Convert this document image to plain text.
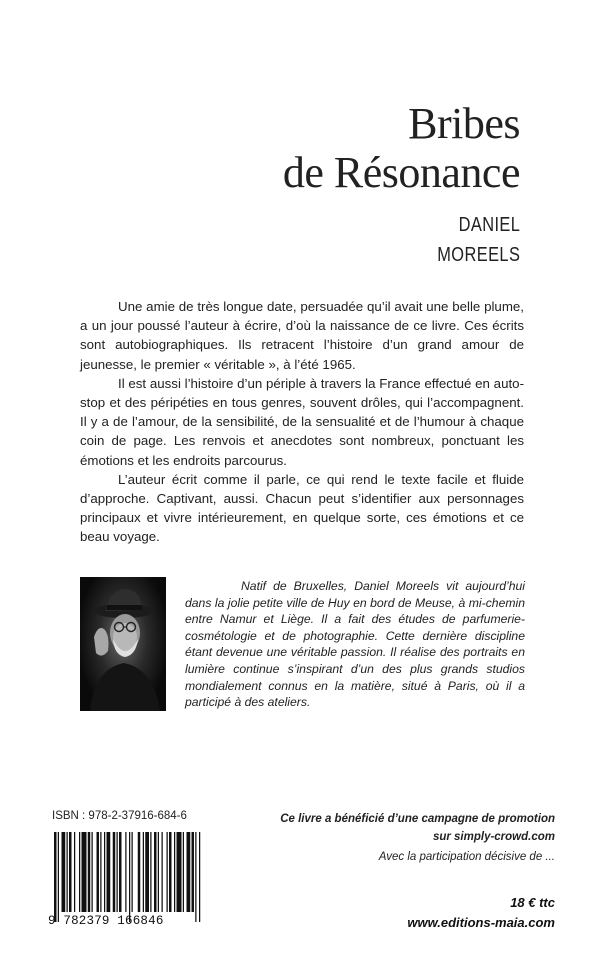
Bribes
de Résonance
DANIEL
MOREELS

Une amie de très longue date, persuadée qu’il avait une belle plume, a un jour poussé l’auteur à écrire, d’où la naissance de ce livre. Ces écrits sont autobiographiques. Ils retracent l’histoire d’un grand amour de jeunesse, le premier « véritable », à l’été 1965.

Il est aussi l’histoire d’un périple à travers la France effectué en auto-stop et des péripéties en tous genres, souvent drôles, qui l’accompagnent. Il y a de l’amour, de la sensibilité, de la sensualité et de l’humour à chaque coin de page. Les renvois et anecdotes sont nombreux, ponctuant les émotions et les endroits parcourus.

L’auteur écrit comme il parle, ce qui rend le texte facile et fluide d’approche. Captivant, aussi. Chacun peut s’identifier aux personnages principaux et vivre intérieurement, en quelque sorte, ces émotions et ce beau voyage.

Natif de Bruxelles, Daniel Moreels vit aujourd’hui dans la jolie petite ville de Huy en bord de Meuse, à mi-chemin entre Namur et Liège. Il a fait des études de parfumerie-cosmétologie et de photographie. Cette dernière discipline étant devenue une véritable passion. Il réalise des portraits en lumière continue s’inspirant d’un des plus grands studios mondialement connus en la matière, situé à Paris, où il a participé à des ateliers.

ISBN : 978-2-37916-684-6
9 782379 166846
Ce livre a bénéficié d’une campagne de promotion
sur simply-crowd.com
Avec la participation décisive de ...
18 € ttc
www.editions-maia.com
